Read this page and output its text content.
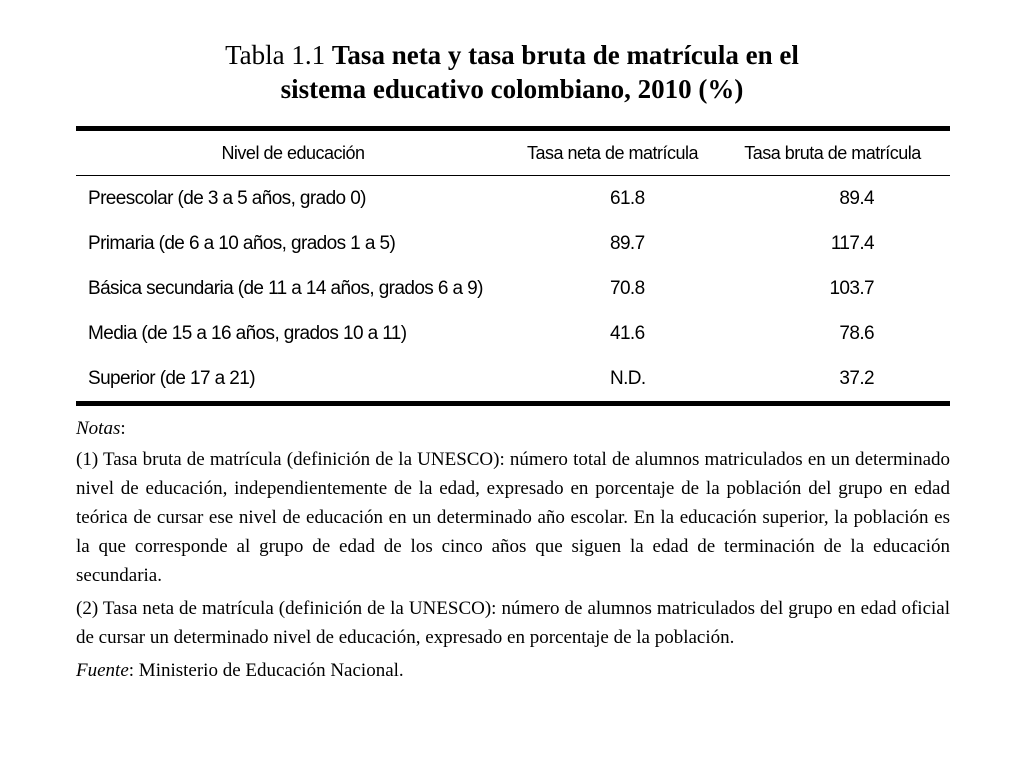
Tabla 1.1 Tasa neta y tasa bruta de matrícula en el
sistema educativo colombiano, 2010 (%)
Nivel de educación	Tasa neta de matrícula	Tasa bruta de matrícula
Preescolar (de 3 a 5 años, grado 0)	61.8	89.4
Primaria (de 6 a 10 años, grados 1 a 5)	89.7	117.4
Básica secundaria (de 11 a 14 años, grados 6 a 9)	70.8	103.7
Media (de 15 a 16 años, grados 10 a 11)	41.6	78.6
Superior (de 17 a 21)	N.D.	37.2

Notas:

(1) Tasa bruta de matrícula (definición de la UNESCO): número total de alumnos matriculados en un determinado nivel de educación, independientemente de la edad, expresado en porcentaje de la población del grupo en edad teórica de cursar ese nivel de educación en un determinado año escolar. En la educación superior, la población es la que corresponde al grupo de edad de los cinco años que siguen la edad de terminación de la educación secundaria.

(2) Tasa neta de matrícula (definición de la UNESCO): número de alumnos matriculados del grupo en edad oficial de cursar un determinado nivel de educación, expresado en porcentaje de la población.

Fuente: Ministerio de Educación Nacional.
